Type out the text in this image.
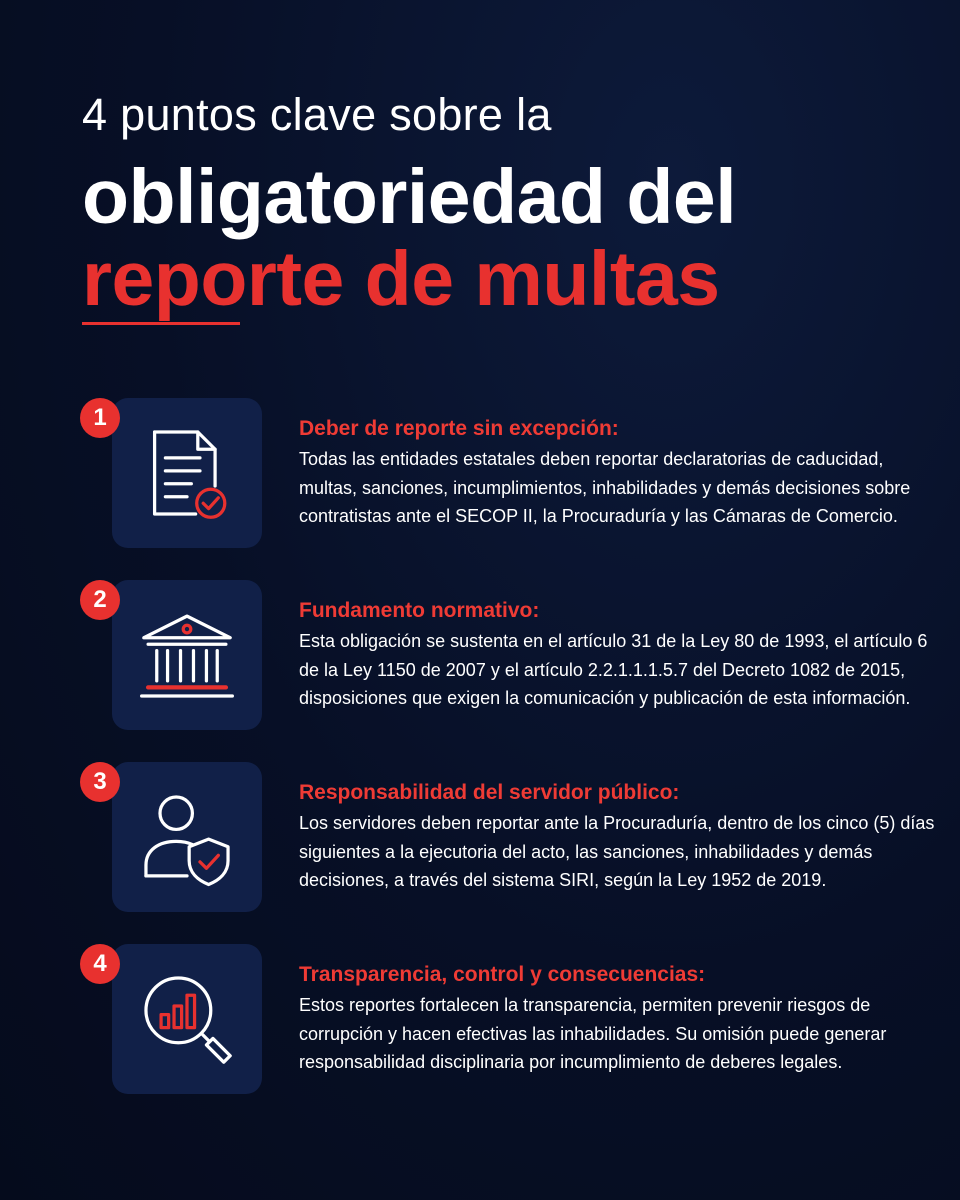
4 puntos clave sobre la
obligatoriedad del
reporte de multas
1	Deber de reporte sin excepción:
Todas las entidades estatales deben reportar declaratorias de caducidad, multas, sanciones, incumplimientos, inhabilidades y demás decisiones sobre contratistas ante el SECOP II, la Procuraduría y las Cámaras de Comercio.
2	Fundamento normativo:
Esta obligación se sustenta en el artículo 31 de la Ley 80 de 1993, el artículo 6 de la Ley 1150 de 2007 y el artículo 2.2.1.1.1.5.7 del Decreto 1082 de 2015, disposiciones que exigen la comunicación y publicación de esta información.
3	Responsabilidad del servidor público:
Los servidores deben reportar ante la Procuraduría, dentro de los cinco (5) días siguientes a la ejecutoria del acto, las sanciones, inhabilidades y demás decisiones, a través del sistema SIRI, según la Ley 1952 de 2019.
4	Transparencia, control y consecuencias:
Estos reportes fortalecen la transparencia, permiten prevenir riesgos de corrupción y hacen efectivas las inhabilidades. Su omisión puede generar responsabilidad disciplinaria por incumplimiento de deberes legales.
